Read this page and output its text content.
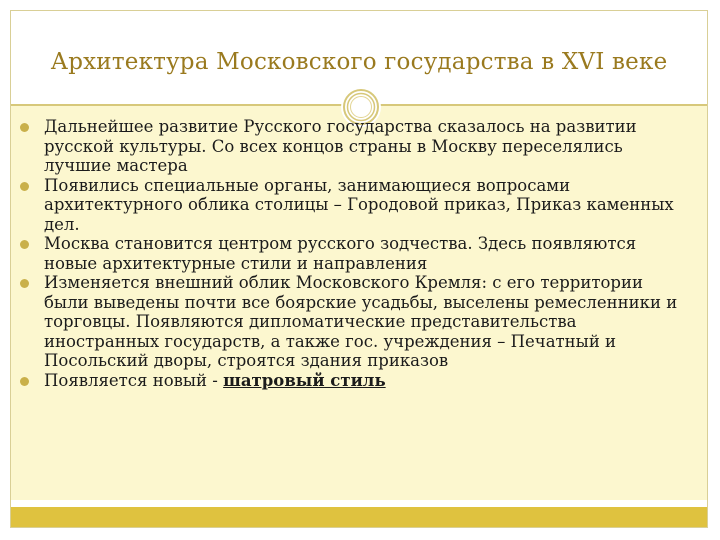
Архитектура Московского государства в XVI веке
Дальнейшее развитие Русского государства сказалось на развитии русской культуры. Со всех концов страны в Москву переселялись лучшие мастера
Появились специальные органы, занимающиеся вопросами архитектурного облика столицы – Городовой приказ, Приказ каменных дел.
Москва становится центром русского зодчества. Здесь появляются новые архитектурные стили и направления
Изменяется внешний облик Московского Кремля: с его территории были выведены почти все боярские усадьбы, выселены ремесленники и торговцы. Появляются дипломатические представительства иностранных государств, а также гос. учреждения – Печатный и Посольский дворы, строятся здания приказов
Появляется новый - шатровый стиль
